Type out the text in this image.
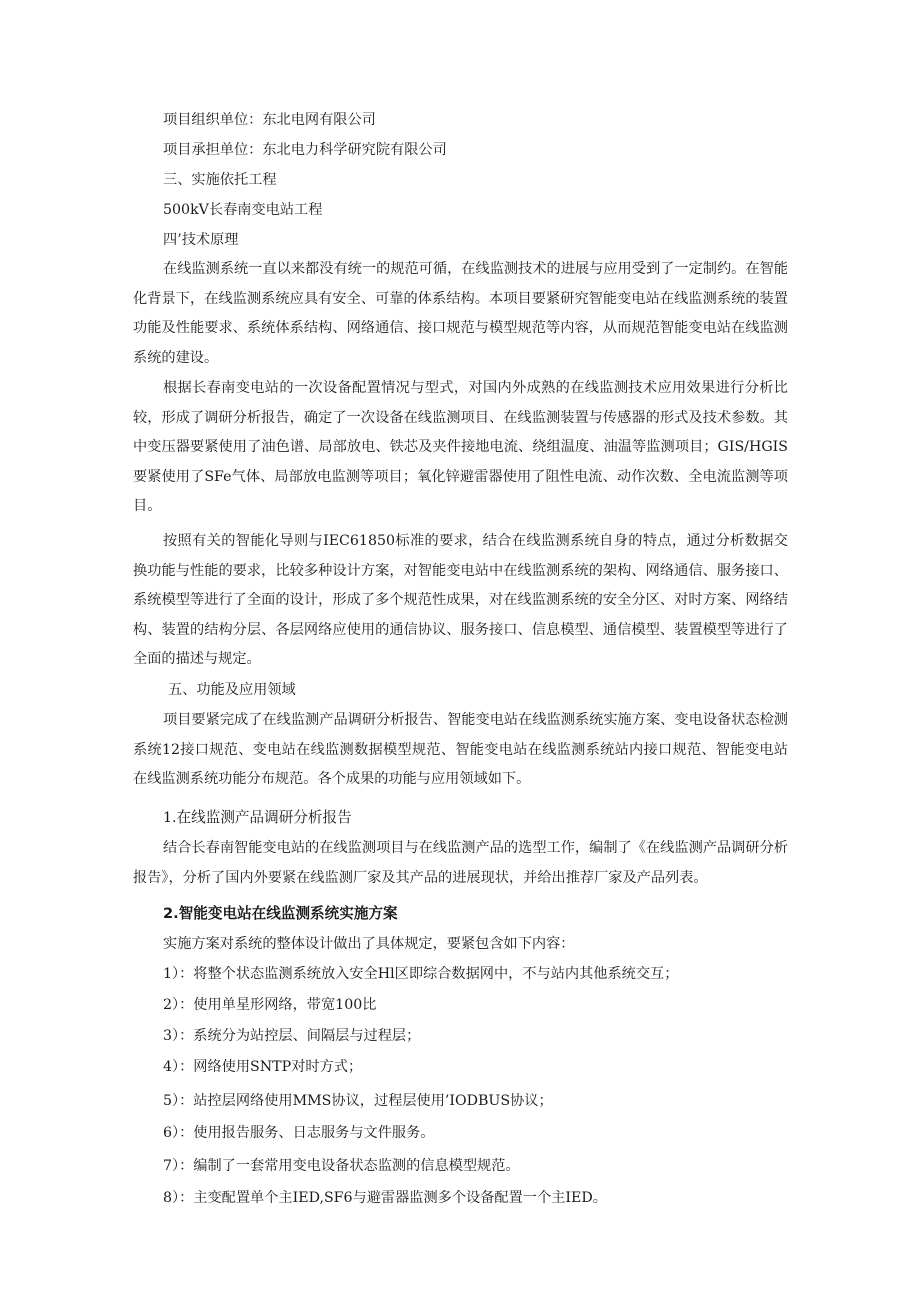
项目组织单位：东北电网有限公司
项目承担单位：东北电力科学研究院有限公司
三、实施依托工程
500kV长春南变电站工程
四’技术原理

在线监测系统一直以来都没有统一的规范可循，在线监测技术的进展与应用受到了一定制约。在智能化背景下，在线监测系统应具有安全、可靠的体系结构。本项目要紧研究智能变电站在线监测系统的装置功能及性能要求、系统体系结构、网络通信、接口规范与模型规范等内容，从而规范智能变电站在线监测系统的建设。

根据长春南变电站的一次设备配置情况与型式，对国内外成熟的在线监测技术应用效果进行分析比较，形成了调研分析报告，确定了一次设备在线监测项目、在线监测装置与传感器的形式及技术参数。其中变压器要紧使用了油色谱、局部放电、铁芯及夹件接地电流、绕组温度、油温等监测项目；GIS/HGIS要紧使用了SFe气体、局部放电监测等项目；氧化锌避雷器使用了阻性电流、动作次数、全电流监测等项目。

按照有关的智能化导则与IEC61850标准的要求，结合在线监测系统自身的特点，通过分析数据交换功能与性能的要求，比较多种设计方案，对智能变电站中在线监测系统的架构、网络通信、服务接口、系统模型等进行了全面的设计，形成了多个规范性成果，对在线监测系统的安全分区、对时方案、网络结构、装置的结构分层、各层网络应使用的通信协议、服务接口、信息模型、通信模型、装置模型等进行了全面的描述与规定。

五、功能及应用领域

项目要紧完成了在线监测产品调研分析报告、智能变电站在线监测系统实施方案、变电设备状态检测系统12接口规范、变电站在线监测数据模型规范、智能变电站在线监测系统站内接口规范、智能变电站在线监测系统功能分布规范。各个成果的功能与应用领域如下。

1.在线监测产品调研分析报告

结合长春南智能变电站的在线监测项目与在线监测产品的选型工作，编制了《在线监测产品调研分析报告》，分析了国内外要紧在线监测厂家及其产品的进展现状，并给出推荐厂家及产品列表。

2.智能变电站在线监测系统实施方案
实施方案对系统的整体设计做出了具体规定，要紧包含如下内容：
1）：将整个状态监测系统放入安全Hl区即综合数据网中，不与站内其他系统交互；
2）：使用单星形网络，带宽100比
3）：系统分为站控层、间隔层与过程层；
4）：网络使用SNTP对时方式；
5）：站控层网络使用MMS协议，过程层使用’IODBUS协议；
6）：使用报告服务、日志服务与文件服务。
7）：编制了一套常用变电设备状态监测的信息模型规范。
8）：主变配置单个主IED,SF6与避雷器监测多个设备配置一个主IED。
